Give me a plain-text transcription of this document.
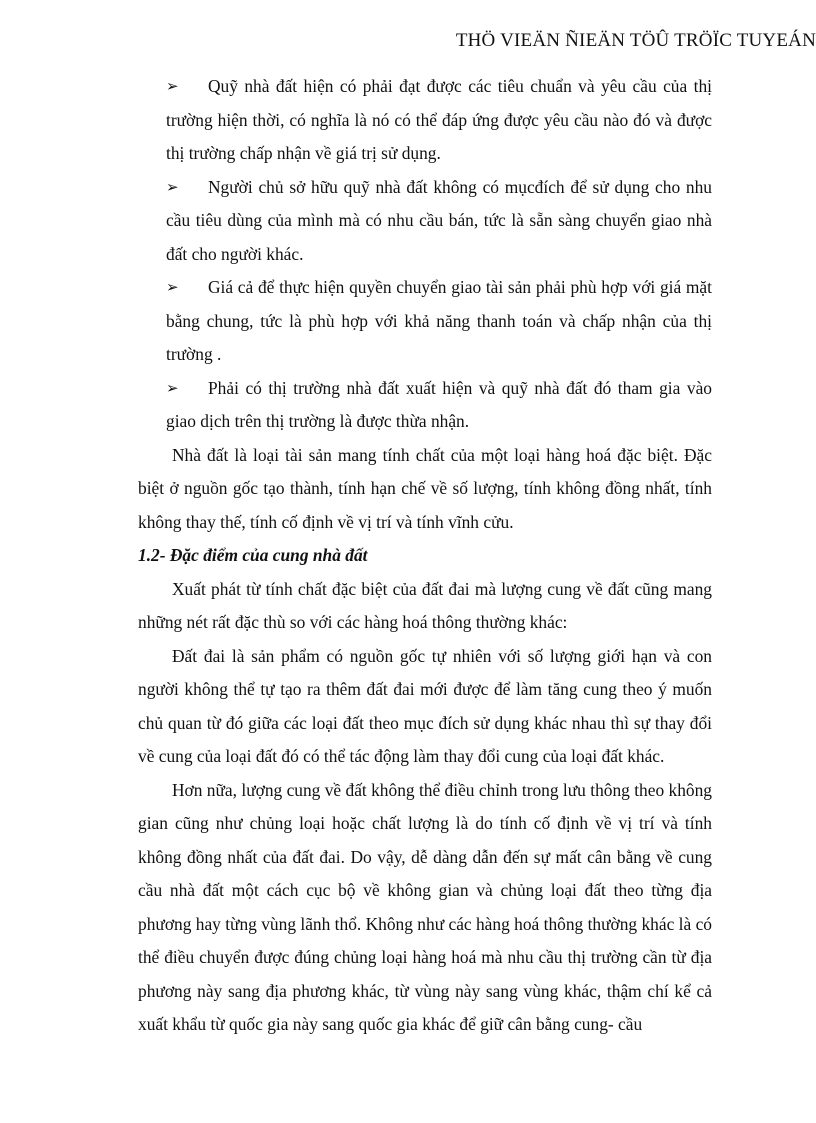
THÖ VIEÄN ÑIEÄN TÖÛ TRÖÏC TUYEÁN
➢	Quỹ nhà đất hiện có phải đạt được các tiêu chuẩn và yêu cầu của thị trường hiện thời, có nghĩa là nó có thể đáp ứng được yêu cầu nào đó và được thị trường chấp nhận về giá trị sử dụng.
➢	Người chủ sở hữu quỹ nhà đất không có mụcđích để sử dụng cho nhu cầu tiêu dùng của mình mà có nhu cầu bán, tức là sẵn sàng chuyển giao nhà đất cho người khác.
➢	Giá cả để thực hiện quyền chuyển giao tài sản phải phù hợp với giá mặt bằng chung, tức là phù hợp với khả năng thanh toán và chấp nhận của thị trường .
➢	Phải có thị trường nhà đất xuất hiện và quỹ nhà đất đó tham gia vào giao dịch trên thị trường là được thừa nhận.

Nhà đất là loại tài sản mang tính chất của một loại hàng hoá đặc biệt. Đặc biệt ở nguồn gốc tạo thành, tính hạn chế về số lượng, tính không đồng nhất, tính không thay thế, tính cố định về vị trí và tính vĩnh cửu.

1.2- Đặc điểm của cung nhà đất

Xuất phát từ tính chất đặc biệt của đất đai mà lượng cung về đất cũng mang những nét rất đặc thù so với các hàng hoá thông thường khác:

Đất đai là sản phẩm có nguồn gốc tự nhiên với số lượng giới hạn và con người không thể tự tạo ra thêm đất đai mới được để làm tăng cung theo ý muốn chủ quan từ đó giữa các loại đất theo mục đích sử dụng khác nhau thì sự thay đổi về cung của loại đất đó có thể tác động làm thay đổi cung của loại đất khác.

Hơn nữa, lượng cung về đất không thể điều chỉnh trong lưu thông theo không gian cũng như chủng loại hoặc chất lượng là do tính cố định về vị trí và tính không đồng nhất của đất đai. Do vậy, dễ dàng dẫn đến sự mất cân bằng về cung cầu nhà đất một cách cục bộ về không gian và chủng loại đất theo từng địa phương hay từng vùng lãnh thổ. Không như các hàng hoá thông thường khác là có thể điều chuyển được đúng chủng loại hàng hoá mà nhu cầu thị trường cần từ địa phương này sang địa phương khác, từ vùng này sang vùng khác, thậm chí kể cả xuất khẩu từ quốc gia này sang quốc gia khác để giữ cân bằng cung- cầu
